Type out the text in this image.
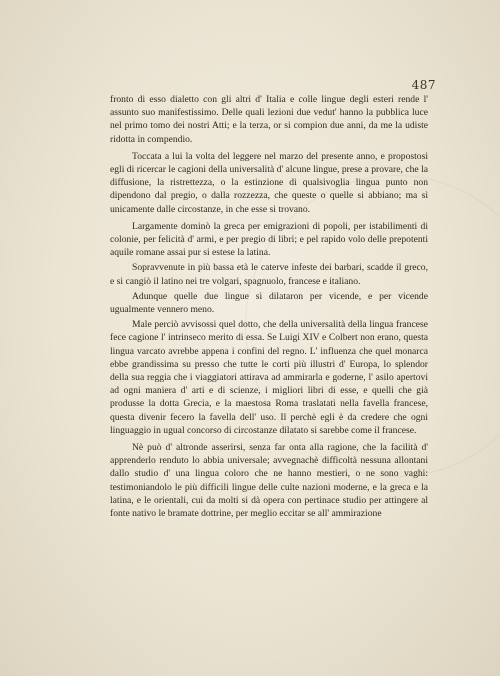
487

fronto di esso dialetto con gli altri d' Italia e colle lingue degli esteri rende l' assunto suo manifestissimo. Delle quali lezioni due vedut' hanno la pubblica luce nel primo tomo dei nostri Atti; e la terza, or si compion due anni, da me la udiste ridotta in compendio.

Toccata a lui la volta del leggere nel marzo del presente anno, e propostosi egli di ricercar le cagioni della universalità d' alcune lingue, prese a provare, che la diffusione, la ristrettezza, o la estinzione di qualsivoglia lingua punto non dipendono dal pregio, o dalla rozzezza, che queste o quelle si abbiano; ma sì unicamente dalle circostanze, in che esse si trovano.

Largamente dominò la greca per emigrazioni di popoli, per istabilimenti di colonie, per felicità d' armi, e per pregio di libri; e pel rapido volo delle prepotenti aquile romane assai pur si estese la latina.

Sopravvenute in più bassa età le caterve infeste dei barbari, scadde il greco, e si cangiò il latino nei tre volgari, spagnuolo, francese e italiano.

Adunque quelle due lingue si dilataron per vicende, e per vicende ugualmente vennero meno.

Male perciò avvisossi quel dotto, che della universalità della lingua francese fece cagione l' intrinseco merito di essa. Se Luigi XIV e Colbert non erano, questa lingua varcato avrebbe appena i confini del regno. L' influenza che quel monarca ebbe grandissima su presso che tutte le corti più illustri d' Europa, lo splendor della sua reggia che i viaggiatori attirava ad ammirarla e goderne, l' asilo apertovi ad ogni maniera d' arti e di scienze, i migliori libri di esse, e quelli che già produsse la dotta Grecia, e la maestosa Roma traslatati nella favella francese, questa divenir fecero la favella dell' uso. Il perchè egli è da credere che ogni linguaggio in ugual concorso di circostanze dilatato si sarebbe come il francese.

Nè può d' altronde asserirsi, senza far onta alla ragione, che la facilità d' apprenderlo renduto lo abbia universale; avvegnachè difficoltà nessuna allontani dallo studio d' una lingua coloro che ne hanno mestieri, o ne sono vaghi: testimoniandolo le più difficili lingue delle culte nazioni moderne, e la greca e la latina, e le orientali, cui da molti si dà opera con pertinace studio per attingere al fonte nativo le bramate dottrine, per meglio eccitar se all' ammirazione
